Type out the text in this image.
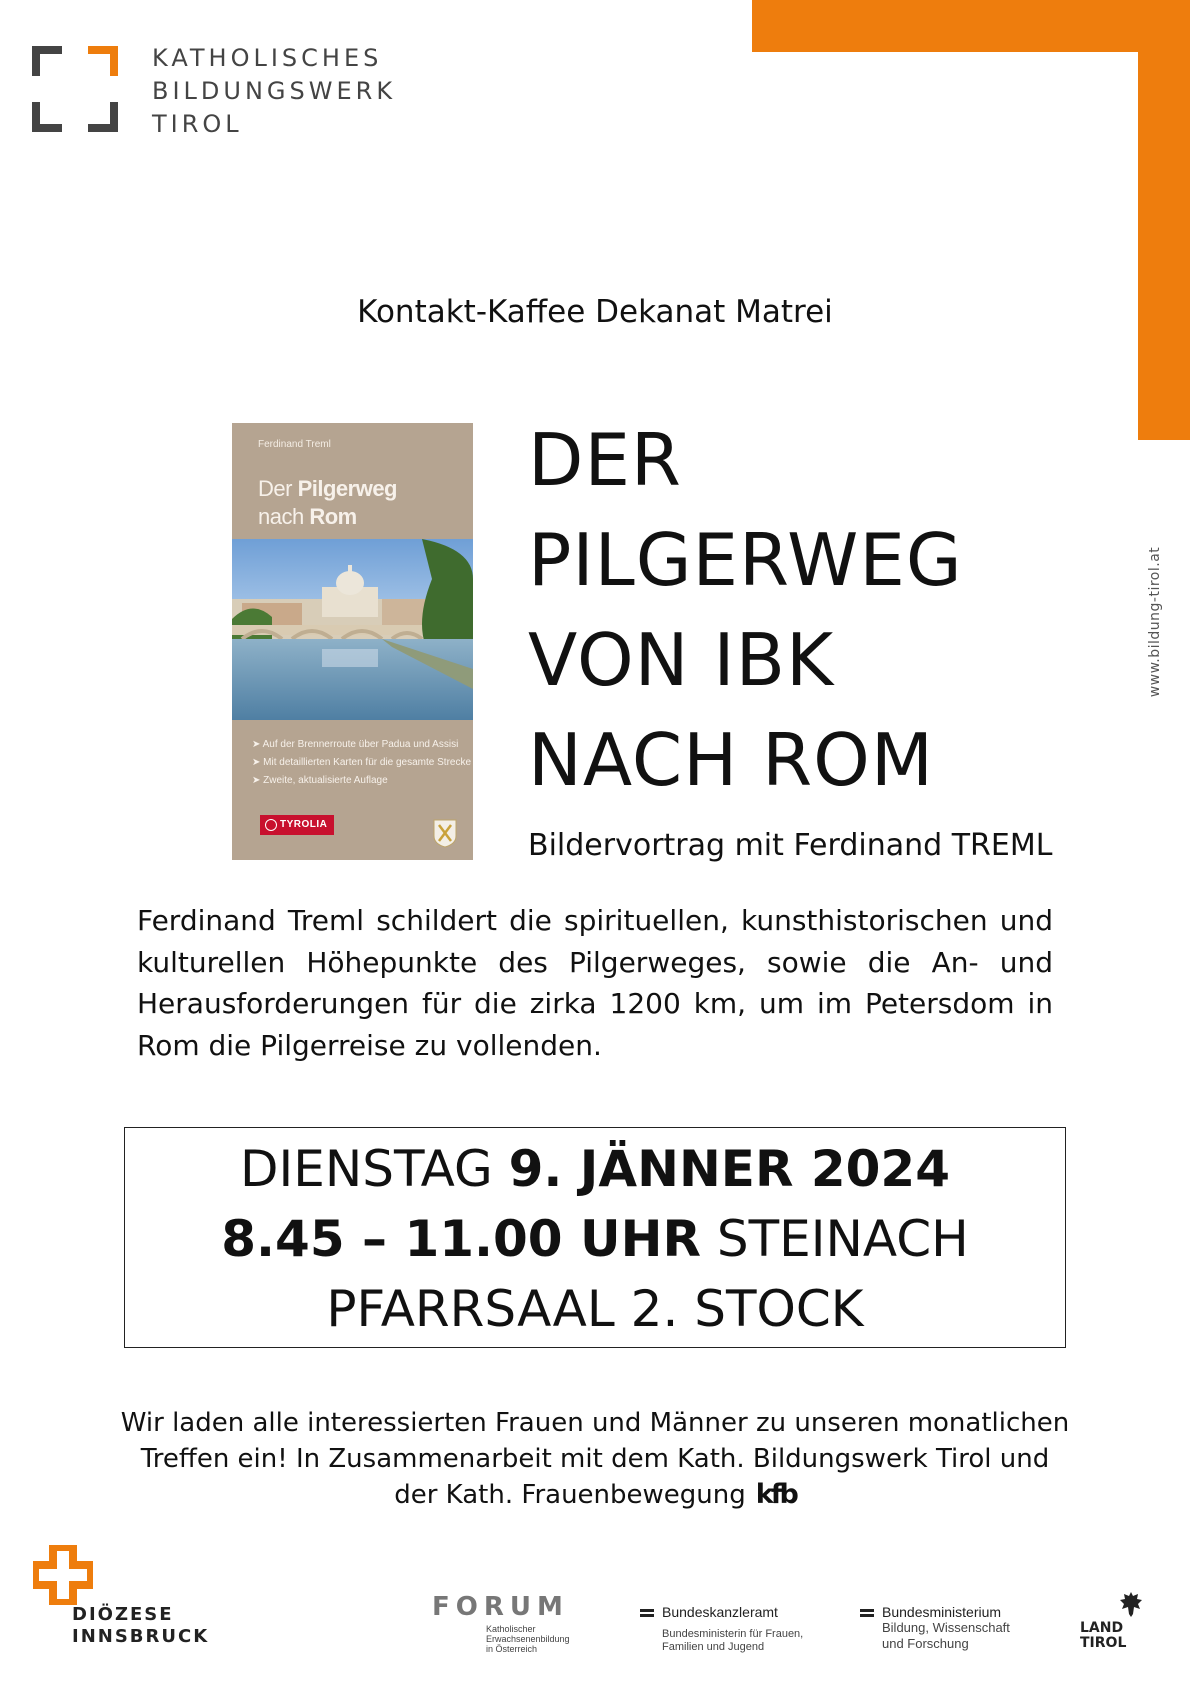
KATHOLISCHES
BILDUNGSWERK
TIROL
www.bildung-tirol.at
Kontakt-Kaffee Dekanat Matrei
Ferdinand Treml
Der Pilgerweg
nach Rom
➤ Auf der Brennerroute über Padua und Assisi
➤ Mit detaillierten Karten für die gesamte Strecke
➤ Zweite, aktualisierte Auflage
TYROLIA
DER
PILGERWEG
VON IBK
NACH ROM
Bildervortrag mit Ferdinand TREML
Ferdinand Treml schildert die spirituellen, kunsthistorischen und kulturellen Höhepunkte des Pilgerweges, sowie die An- und Herausforderungen für die zirka 1200 km, um im Petersdom in Rom die Pilgerreise zu vollenden.
DIENSTAG 9. JÄNNER 2024
8.45 – 11.00 UHR STEINACH
PFARRSAAL 2. STOCK
Wir laden alle interessierten Frauen und Männer zu unseren monatlichen
Treffen ein! In Zusammenarbeit mit dem Kath. Bildungswerk Tirol und
der Kath. Frauenbewegung kfb
DIÖZESE
INNSBRUCK
FORUM
Katholischer
Erwachsenenbildung
in Österreich
Bundeskanzleramt
Bundesministerin für Frauen,
Familien und Jugend
Bundesministerium
Bildung, Wissenschaft
und Forschung
LAND
TIROL
